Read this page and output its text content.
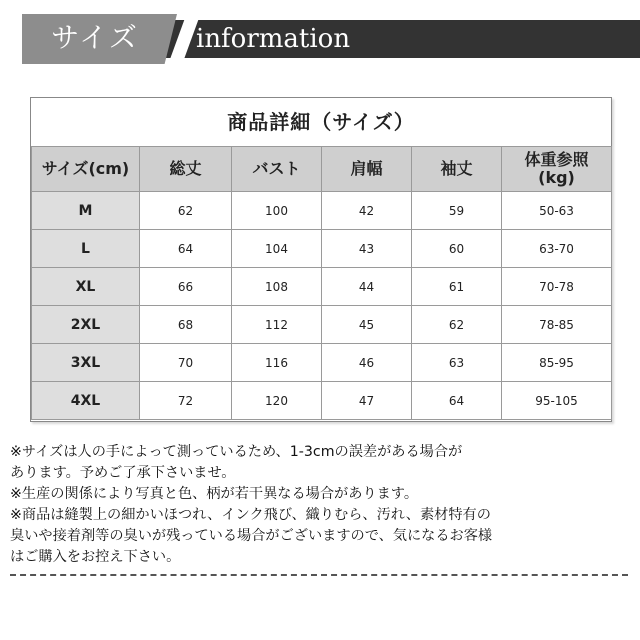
サイズ	information
商品詳細（サイズ）
サイズ(cm)	総丈	バスト	肩幅	袖丈	体重参照
(kg)
M	62	100	42	59	50-63
L	64	104	43	60	63-70
XL	66	108	44	61	70-78
2XL	68	112	45	62	78-85
3XL	70	116	46	63	85-95
4XL	72	120	47	64	95-105

※サイズは人の手によって測っているため、1-3cmの誤差がある場合が

あります。予めご了承下さいませ。

※生産の関係により写真と色、柄が若干異なる場合があります。

※商品は縫製上の細かいほつれ、インク飛び、織りむら、汚れ、素材特有の

臭いや接着剤等の臭いが残っている場合がございますので、気になるお客様

はご購入をお控え下さい。
